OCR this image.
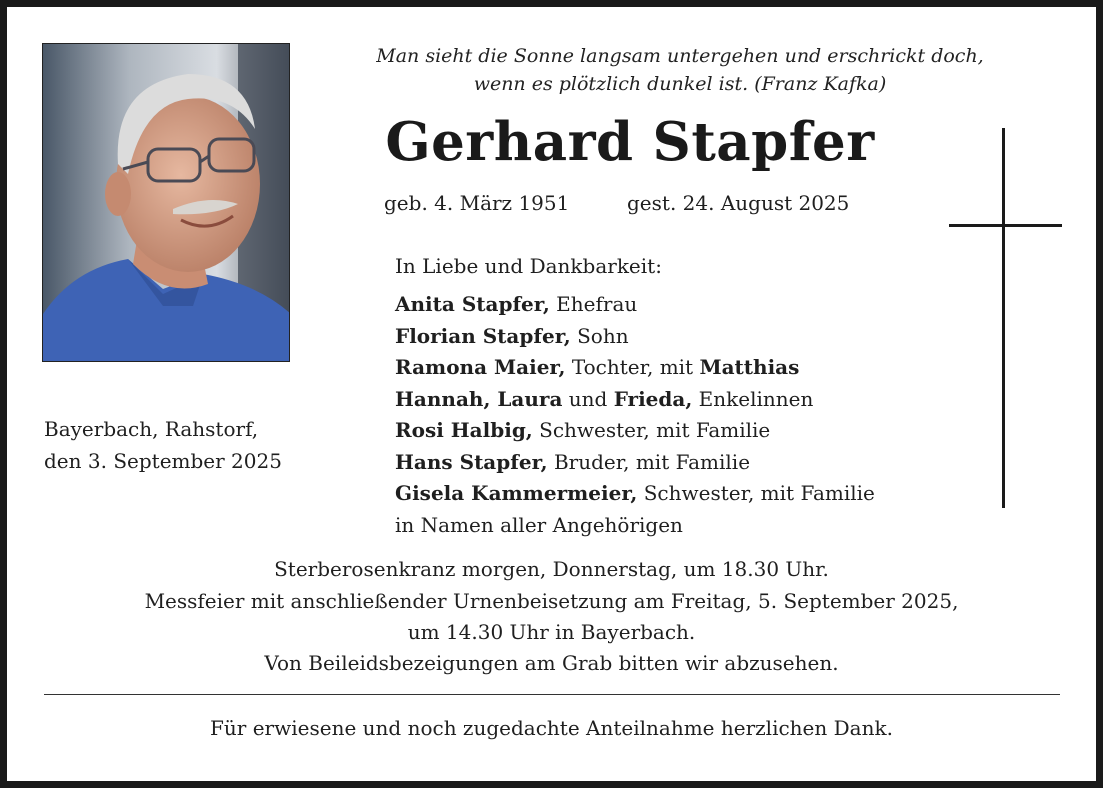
Man sieht die Sonne langsam untergehen und erschrickt doch,
wenn es plötzlich dunkel ist. (Franz Kafka)
Gerhard Stapfer
geb. 4. März 1951	gest. 24. August 2025
In Liebe und Dankbarkeit:
Anita Stapfer, Ehefrau
Florian Stapfer, Sohn
Ramona Maier, Tochter, mit Matthias
Hannah, Laura und Frieda, Enkelinnen
Rosi Halbig, Schwester, mit Familie
Hans Stapfer, Bruder, mit Familie
Gisela Kammermeier, Schwester, mit Familie
in Namen aller Angehörigen
Bayerbach, Rahstorf,
den 3. September 2025
Sterberosenkranz morgen, Donnerstag, um 18.30 Uhr.
Messfeier mit anschließender Urnenbeisetzung am Freitag, 5. September 2025,
um 14.30 Uhr in Bayerbach.
Von Beileidsbezeigungen am Grab bitten wir abzusehen.
Für erwiesene und noch zugedachte Anteilnahme herzlichen Dank.
